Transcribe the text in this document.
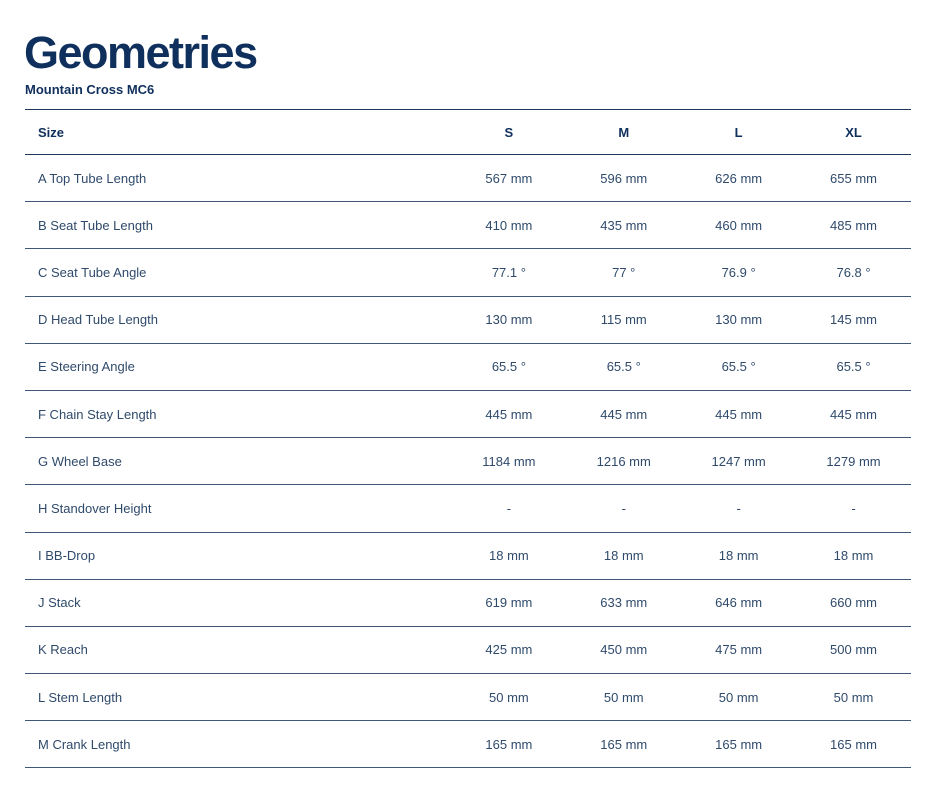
Geometries

Mountain Cross MC6

Size	S	M	L	XL
A Top Tube Length	567 mm	596 mm	626 mm	655 mm
B Seat Tube Length	410 mm	435 mm	460 mm	485 mm
C Seat Tube Angle	77.1 °	77 °	76.9 °	76.8 °
D Head Tube Length	130 mm	115 mm	130 mm	145 mm
E Steering Angle	65.5 °	65.5 °	65.5 °	65.5 °
F Chain Stay Length	445 mm	445 mm	445 mm	445 mm
G Wheel Base	1184 mm	1216 mm	1247 mm	1279 mm
H Standover Height	-	-	-	-
I BB-Drop	18 mm	18 mm	18 mm	18 mm
J Stack	619 mm	633 mm	646 mm	660 mm
K Reach	425 mm	450 mm	475 mm	500 mm
L Stem Length	50 mm	50 mm	50 mm	50 mm
M Crank Length	165 mm	165 mm	165 mm	165 mm
